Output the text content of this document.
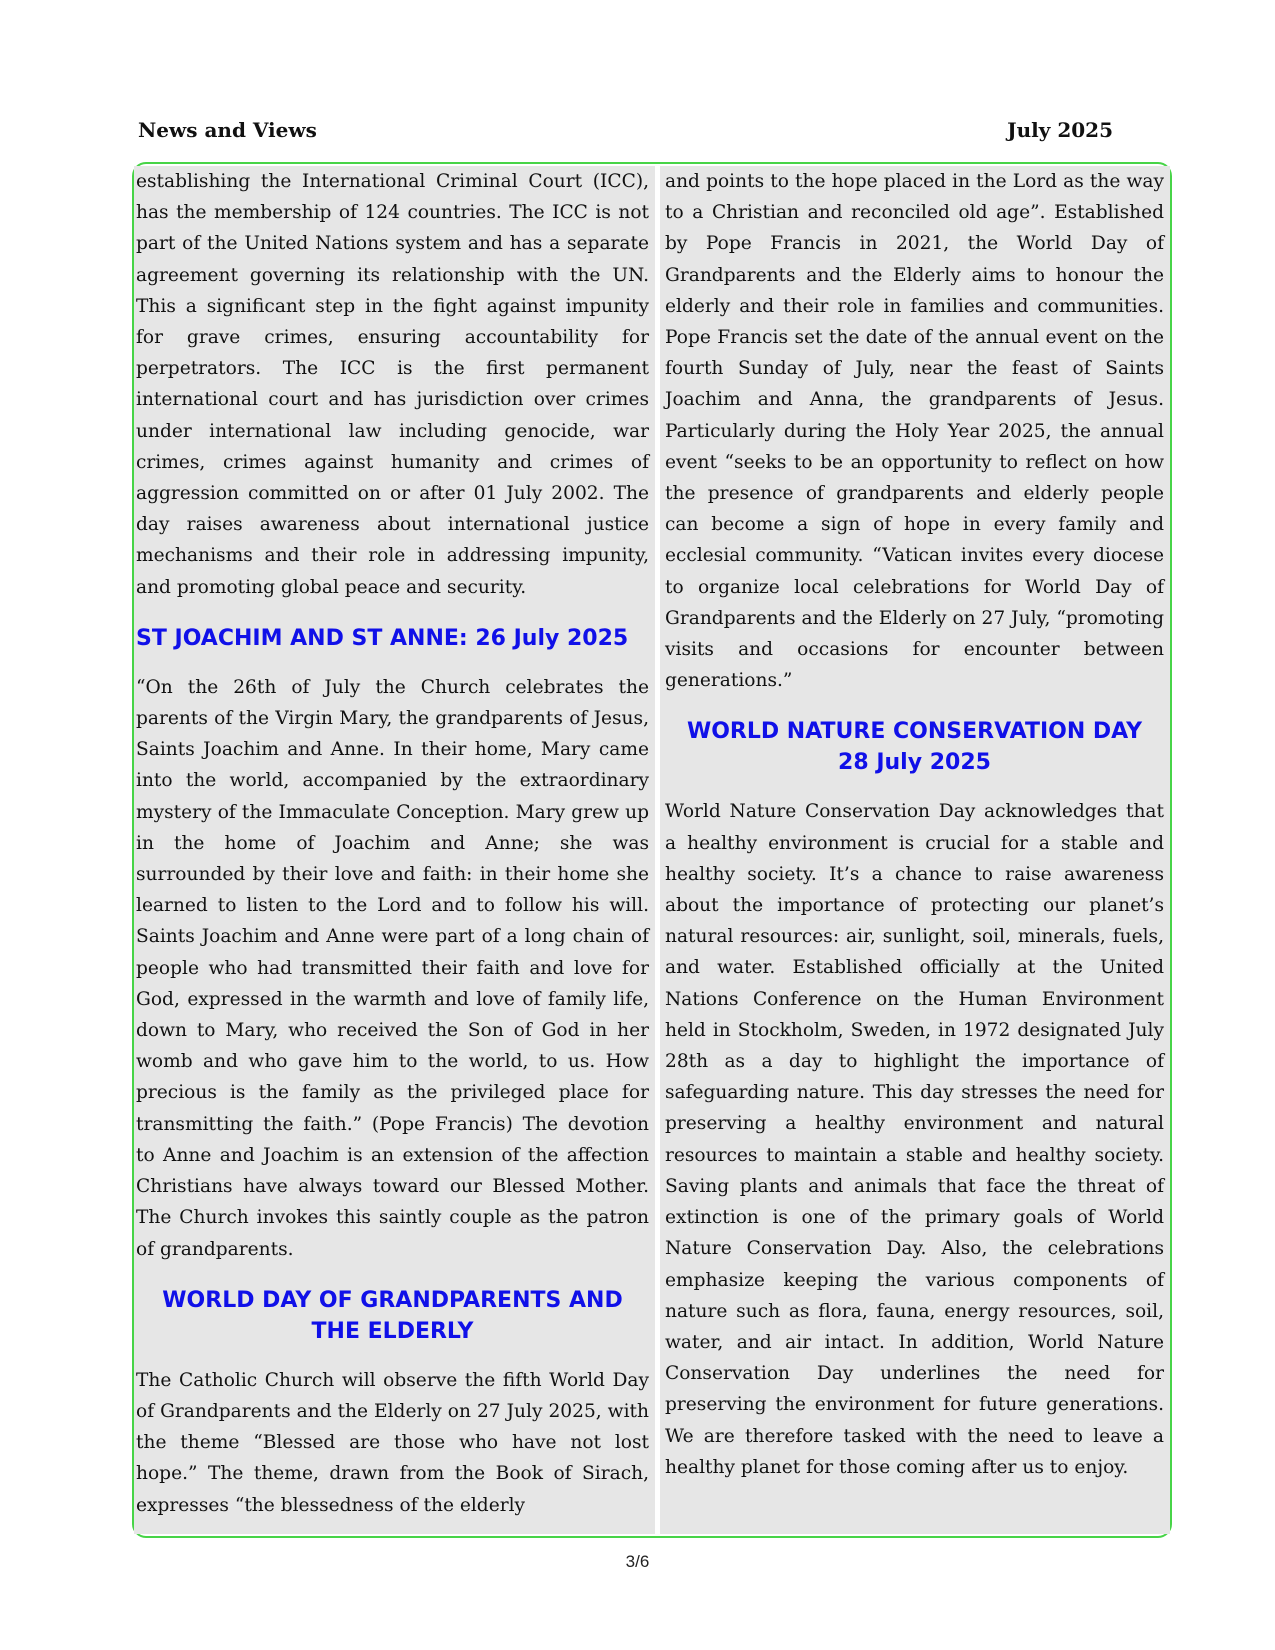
News and Views	July 2025

establishing the International Criminal Court (ICC), has the membership of 124 countries. The ICC is not part of the United Nations system and has a separate agreement governing its relationship with the UN. This a significant step in the fight against impunity for grave crimes, ensuring accountability for perpetrators. The ICC is the first permanent international court and has jurisdiction over crimes under international law including genocide, war crimes, crimes against humanity and crimes of aggression committed on or after 01 July 2002. The day raises awareness about international justice mechanisms and their role in addressing impunity, and promoting global peace and security.

ST JOACHIM AND ST ANNE: 26 July 2025

“On the 26th of July the Church celebrates the parents of the Virgin Mary, the grandparents of Jesus, Saints Joachim and Anne. In their home, Mary came into the world, accompanied by the extraordinary mystery of the Immaculate Conception. Mary grew up in the home of Joachim and Anne; she was surrounded by their love and faith: in their home she learned to listen to the Lord and to follow his will. Saints Joachim and Anne were part of a long chain of people who had transmitted their faith and love for God, expressed in the warmth and love of family life, down to Mary, who received the Son of God in her womb and who gave him to the world, to us. How precious is the family as the privileged place for transmitting the faith.” (Pope Francis) The devotion to Anne and Joachim is an extension of the affection Christians have always toward our Blessed Mother. The Church invokes this saintly couple as the patron of grandparents.

WORLD DAY OF GRANDPARENTS AND THE ELDERLY

The Catholic Church will observe the fifth World Day of Grandparents and the Elderly on 27 July 2025, with the theme “Blessed are those who have not lost hope.” The theme, drawn from the Book of Sirach, expresses “the blessedness of the elderly

and points to the hope placed in the Lord as the way to a Christian and reconciled old age”. Established by Pope Francis in 2021, the World Day of Grandparents and the Elderly aims to honour the elderly and their role in families and communities. Pope Francis set the date of the annual event on the fourth Sunday of July, near the feast of Saints Joachim and Anna, the grandparents of Jesus. Particularly during the Holy Year 2025, the annual event “seeks to be an opportunity to reflect on how the presence of grandparents and elderly people can become a sign of hope in every family and ecclesial community. “Vatican invites every diocese to organize local celebrations for World Day of Grandparents and the Elderly on 27 July, “promoting visits and occasions for encounter between generations.”

WORLD NATURE CONSERVATION DAY
28 July 2025

World Nature Conservation Day acknowledges that a healthy environment is crucial for a stable and healthy society. It’s a chance to raise awareness about the importance of protecting our planet’s natural resources: air, sunlight, soil, minerals, fuels, and water. Established officially at the United Nations Conference on the Human Environment held in Stockholm, Sweden, in 1972 designated July 28th as a day to highlight the importance of safeguarding nature. This day stresses the need for preserving a healthy environment and natural resources to maintain a stable and healthy society. Saving plants and animals that face the threat of extinction is one of the primary goals of World Nature Conservation Day. Also, the celebrations emphasize keeping the various components of nature such as flora, fauna, energy resources, soil, water, and air intact. In addition, World Nature Conservation Day underlines the need for preserving the environment for future generations. We are therefore tasked with the need to leave a healthy planet for those coming after us to enjoy.

3/6
